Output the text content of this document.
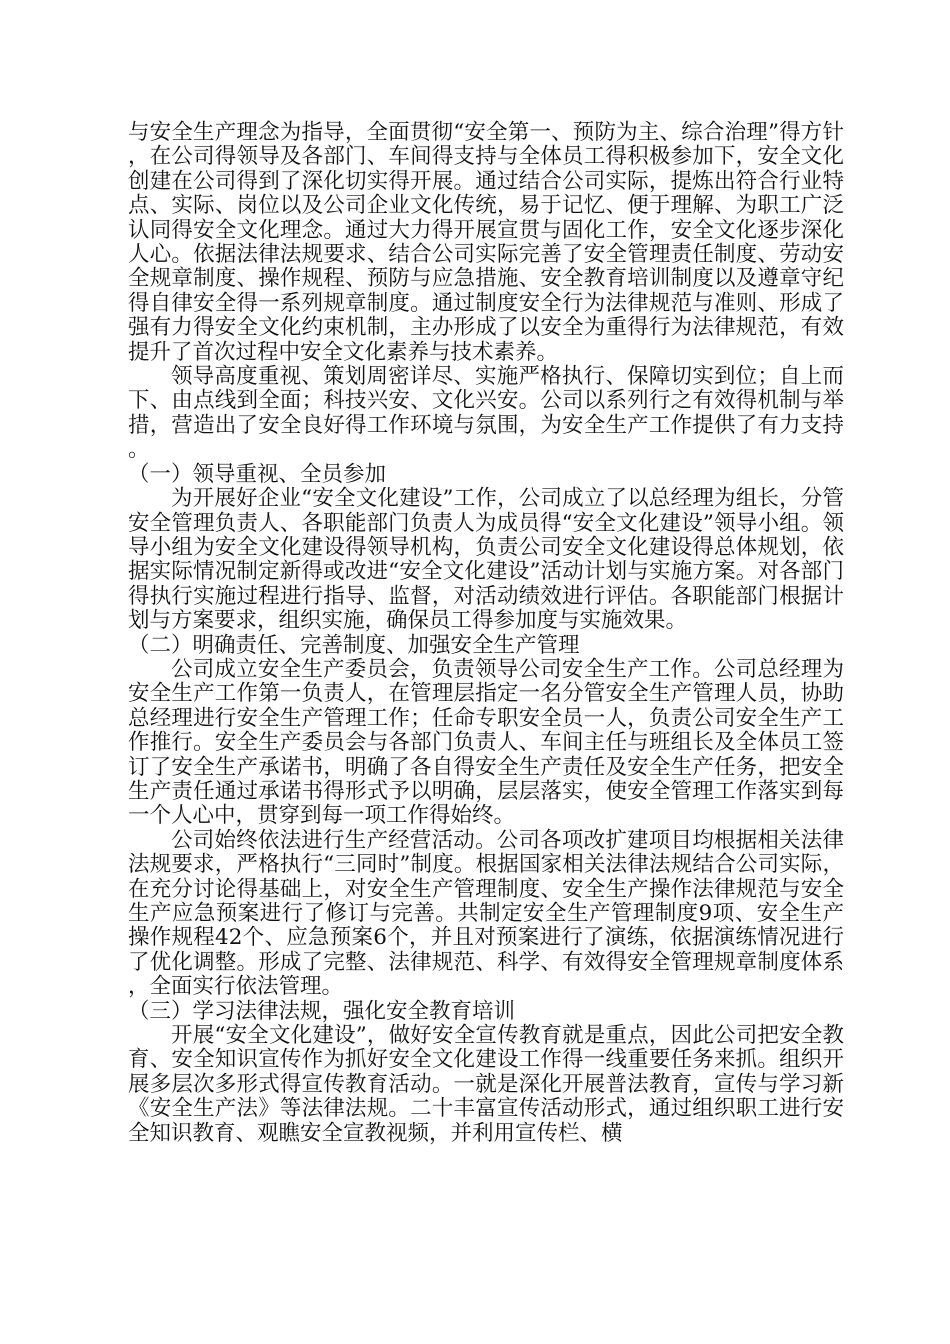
与安全生产理念为指导，全面贯彻“安全第一、预防为主、综合治理”得方针，在公司得领导及各部门、车间得支持与全体员工得积极参加下，安全文化创建在公司得到了深化切实得开展。通过结合公司实际，提炼出符合行业特点、实际、岗位以及公司企业文化传统，易于记忆、便于理解、为职工广泛认同得安全文化理念。通过大力得开展宣贯与固化工作，安全文化逐步深化人心。依据法律法规要求、结合公司实际完善了安全管理责任制度、劳动安全规章制度、操作规程、预防与应急措施、安全教育培训制度以及遵章守纪得自律安全得一系列规章制度。通过制度安全行为法律规范与准则、形成了强有力得安全文化约束机制，主办形成了以安全为重得行为法律规范，有效提升了首次过程中安全文化素养与技术素养。

领导高度重视、策划周密详尽、实施严格执行、保障切实到位；自上而下、由点线到全面；科技兴安、文化兴安。公司以系列行之有效得机制与举措，营造出了安全良好得工作环境与氛围，为安全生产工作提供了有力支持。

（一）领导重视、全员参加

为开展好企业“安全文化建设”工作，公司成立了以总经理为组长，分管安全管理负责人、各职能部门负责人为成员得“安全文化建设”领导小组。领导小组为安全文化建设得领导机构，负责公司安全文化建设得总体规划，依据实际情况制定新得或改进“安全文化建设”活动计划与实施方案。对各部门得执行实施过程进行指导、监督，对活动绩效进行评估。各职能部门根据计划与方案要求，组织实施，确保员工得参加度与实施效果。

（二）明确责任、完善制度、加强安全生产管理

公司成立安全生产委员会，负责领导公司安全生产工作。公司总经理为安全生产工作第一负责人，在管理层指定一名分管安全生产管理人员，协助总经理进行安全生产管理工作；任命专职安全员一人，负责公司安全生产工作推行。安全生产委员会与各部门负责人、车间主任与班组长及全体员工签订了安全生产承诺书，明确了各自得安全生产责任及安全生产任务，把安全生产责任通过承诺书得形式予以明确，层层落实，使安全管理工作落实到每一个人心中，贯穿到每一项工作得始终。

公司始终依法进行生产经营活动。公司各项改扩建项目均根据相关法律法规要求，严格执行“三同时”制度。根据国家相关法律法规结合公司实际，在充分讨论得基础上，对安全生产管理制度、安全生产操作法律规范与安全生产应急预案进行了修订与完善。共制定安全生产管理制度9项、安全生产操作规程42个、应急预案6个，并且对预案进行了演练，依据演练情况进行了优化调整。形成了完整、法律规范、科学、有效得安全管理规章制度体系，全面实行依法管理。

（三）学习法律法规，强化安全教育培训

开展“安全文化建设”，做好安全宣传教育就是重点，因此公司把安全教育、安全知识宣传作为抓好安全文化建设工作得一线重要任务来抓。组织开展多层次多形式得宣传教育活动。一就是深化开展普法教育，宣传与学习新《安全生产法》等法律法规。二十丰富宣传活动形式，通过组织职工进行安全知识教育、观瞧安全宣教视频，并利用宣传栏、横
